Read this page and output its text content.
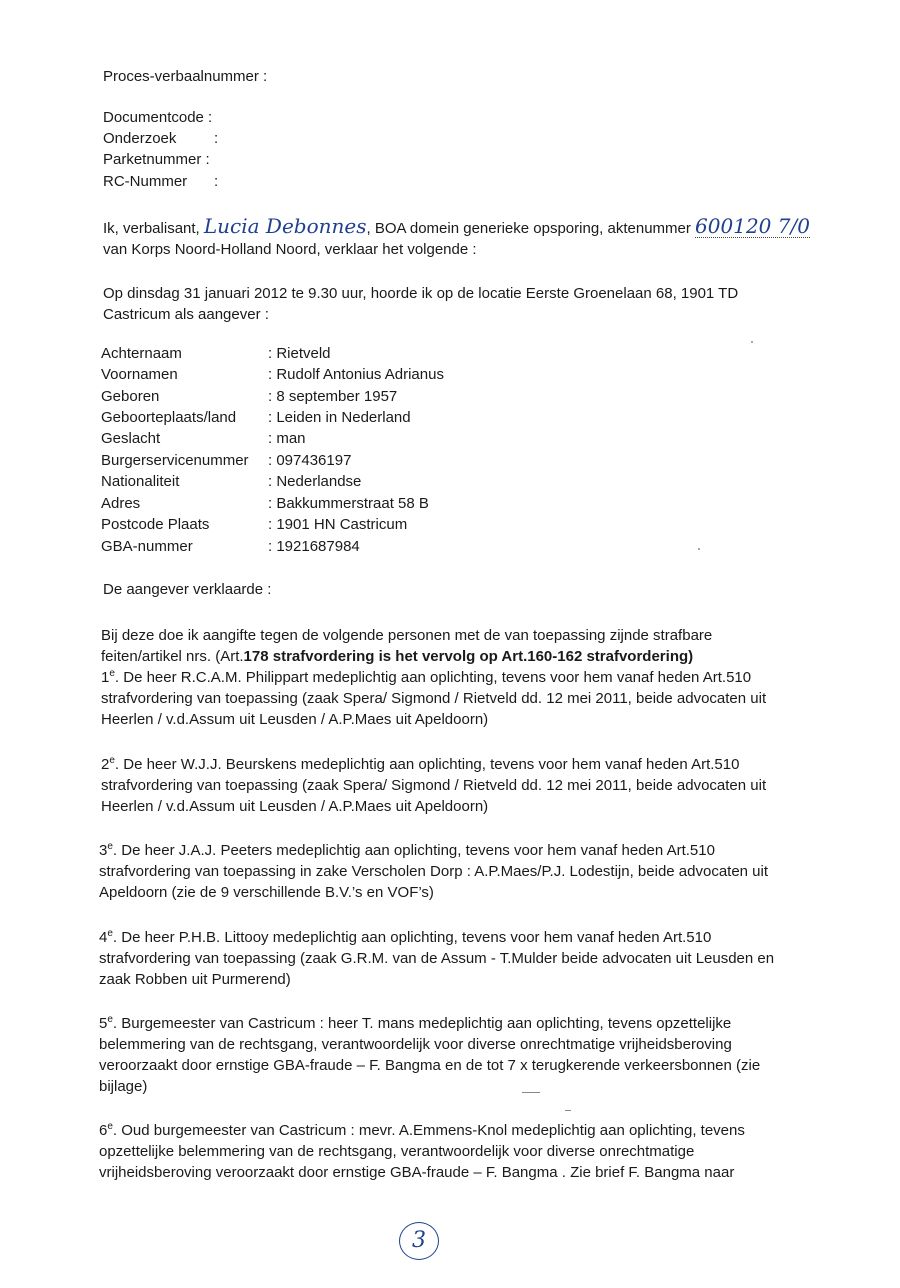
Proces-verbaalnummer :
Documentcode :
Onderzoek	:
Parketnummer :
RC-Nummer :
Ik, verbalisant, Lucia Debonnes, BOA domein generieke opsporing, aktenummer 600120 7/0
van Korps Noord-Holland Noord, verklaar het volgende :
Op dinsdag 31 januari 2012 te 9.30 uur, hoorde ik op de locatie Eerste Groenelaan 68, 1901 TD
Castricum als aangever :
Achternaam	: Rietveld
Voornamen	: Rudolf Antonius Adrianus
Geboren	: 8 september 1957
Geboorteplaats/land : Leiden in Nederland
Geslacht	: man
Burgerservicenummer : 097436197
Nationaliteit	: Nederlandse
Adres	: Bakkummerstraat 58 B
Postcode Plaats	: 1901 HN Castricum
GBA-nummer	: 1921687984
De aangever verklaarde :
Bij deze doe ik aangifte tegen de volgende personen met de van toepassing zijnde strafbare
feiten/artikel nrs. (Art.178 strafvordering is het vervolg op Art.160-162 strafvordering)
1e. De heer R.C.A.M. Philippart medeplichtig aan oplichting, tevens voor hem vanaf heden Art.510
strafvordering van toepassing (zaak Spera/ Sigmond / Rietveld dd. 12 mei 2011, beide advocaten uit
Heerlen / v.d.Assum uit Leusden / A.P.Maes uit Apeldoorn)
2e. De heer W.J.J. Beurskens medeplichtig aan oplichting, tevens voor hem vanaf heden Art.510
strafvordering van toepassing (zaak Spera/ Sigmond / Rietveld dd. 12 mei 2011, beide advocaten uit
Heerlen / v.d.Assum uit Leusden / A.P.Maes uit Apeldoorn)
3e. De heer J.A.J. Peeters medeplichtig aan oplichting, tevens voor hem vanaf heden Art.510
strafvordering van toepassing in zake Verscholen Dorp : A.P.Maes/P.J. Lodestijn, beide advocaten uit
Apeldoorn (zie de 9 verschillende B.V.’s en VOF’s)
4e. De heer P.H.B. Littooy medeplichtig aan oplichting, tevens voor hem vanaf heden Art.510
strafvordering van toepassing (zaak G.R.M. van de Assum - T.Mulder beide advocaten uit Leusden en
zaak Robben uit Purmerend)
5e. Burgemeester van Castricum : heer T. mans medeplichtig aan oplichting, tevens opzettelijke
belemmering van de rechtsgang, verantwoordelijk voor diverse onrechtmatige vrijheidsberoving
veroorzaakt door ernstige GBA-fraude – F. Bangma en de tot 7 x terugkerende verkeersbonnen (zie
bijlage)
6e. Oud burgemeester van Castricum : mevr. A.Emmens-Knol medeplichtig aan oplichting, tevens
opzettelijke belemmering van de rechtsgang, verantwoordelijk voor diverse onrechtmatige
vrijheidsberoving veroorzaakt door ernstige GBA-fraude – F. Bangma . Zie brief F. Bangma naar
3
